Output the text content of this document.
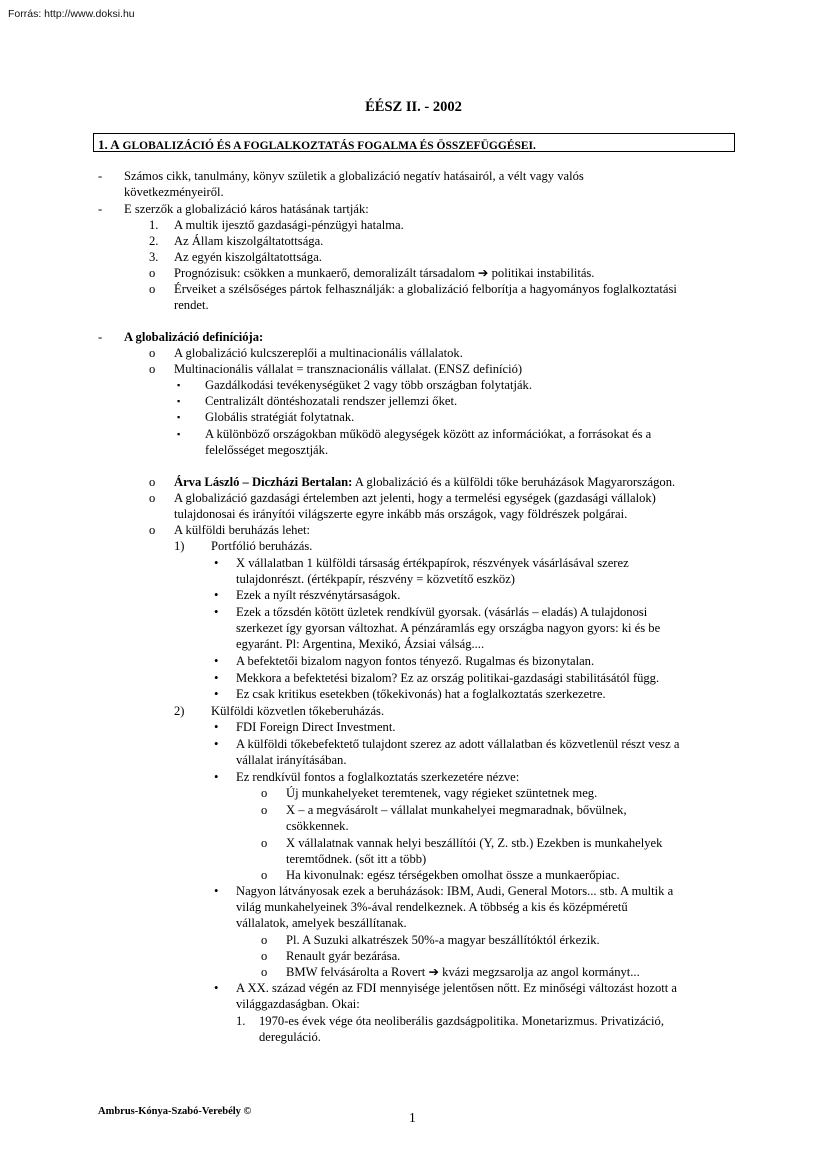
Forrás: http://www.doksi.hu
ÉÉSZ II. - 2002
1. A GLOBALIZÁCIÓ ÉS A FOGLALKOZTATÁS FOGALMA ÉS ÖSSZEFÜGGÉSEI.
- Számos cikk, tanulmány, könyv születik a globalizáció negatív hatásairól, a vélt vagy valós
következményeiről.
- E szerzők a globalizáció káros hatásának tartják:
1. A multik ijesztő gazdasági-pénzügyi hatalma.
2. Az Állam kiszolgáltatottsága.
3. Az egyén kiszolgáltatottsága.
o Prognózisuk: csökken a munkaerő, demoralizált társadalom ➔ politikai instabilitás.
o Érveiket a szélsőséges pártok felhasználják: a globalizáció felborítja a hagyományos foglalkoztatási
rendet.
- A globalizáció definíciója:
o A globalizáció kulcszereplői a multinacionális vállalatok.
o Multinacionális vállalat = transznacionális vállalat. (ENSZ definíció)
▪ Gazdálkodási tevékenységüket 2 vagy több országban folytatják.
▪ Centralizált döntéshozatali rendszer jellemzi őket.
▪ Globális stratégiát folytatnak.
▪ A különböző országokban működö alegységek között az információkat, a forrásokat és a
felelősséget megosztják.
o Árva László – Diczházi Bertalan: A globalizáció és a külföldi tőke beruházások Magyarországon.
o A globalizáció gazdasági értelemben azt jelenti, hogy a termelési egységek (gazdasági vállalok)
tulajdonosai és irányítói világszerte egyre inkább más országok, vagy földrészek polgárai.
o A külföldi beruházás lehet:
1) Portfólió beruházás.
• X vállalatban 1 külföldi társaság értékpapírok, részvények vásárlásával szerez
tulajdonrészt. (értékpapír, részvény = közvetítő eszköz)
• Ezek a nyílt részvénytársaságok.
• Ezek a tőzsdén kötött üzletek rendkívül gyorsak. (vásárlás – eladás) A tulajdonosi
szerkezet így gyorsan változhat. A pénzáramlás egy országba nagyon gyors: ki és be
egyaránt. Pl: Argentina, Mexikó, Ázsiai válság....
• A befektetői bizalom nagyon fontos tényező. Rugalmas és bizonytalan.
• Mekkora a befektetési bizalom? Ez az ország politikai-gazdasági stabilitásától függ.
• Ez csak kritikus esetekben (tőkekivonás) hat a foglalkoztatás szerkezetre.
2) Külföldi közvetlen tőkeberuházás.
• FDI Foreign Direct Investment.
• A külföldi tőkebefektető tulajdont szerez az adott vállalatban és közvetlenül részt vesz a
vállalat irányításában.
• Ez rendkívül fontos a foglalkoztatás szerkezetére nézve:
o Új munkahelyeket teremtenek, vagy régieket szüntetnek meg.
o X – a megvásárolt – vállalat munkahelyei megmaradnak, bővülnek,
csökkennek.
o X vállalatnak vannak helyi beszállítói (Y, Z. stb.) Ezekben is munkahelyek
teremtődnek. (sőt itt a több)
o Ha kivonulnak: egész térségekben omolhat össze a munkaerőpiac.
• Nagyon látványosak ezek a beruházások: IBM, Audi, General Motors... stb. A multik a
világ munkahelyeinek 3%-ával rendelkeznek. A többség a kis és középméretű
vállalatok, amelyek beszállítanak.
o Pl. A Suzuki alkatrészek 50%-a magyar beszállítóktól érkezik.
o Renault gyár bezárása.
o BMW felvásárolta a Rovert ➔ kvázi megzsarolja az angol kormányt...
• A XX. század végén az FDI mennyisége jelentősen nőtt. Ez minőségi változást hozott a
világgazdaságban. Okai:
1. 1970-es évek vége óta neoliberális gazdságpolitika. Monetarizmus. Privatizáció,
dereguláció.
Ambrus-Kónya-Szabó-Verebély ©	1
